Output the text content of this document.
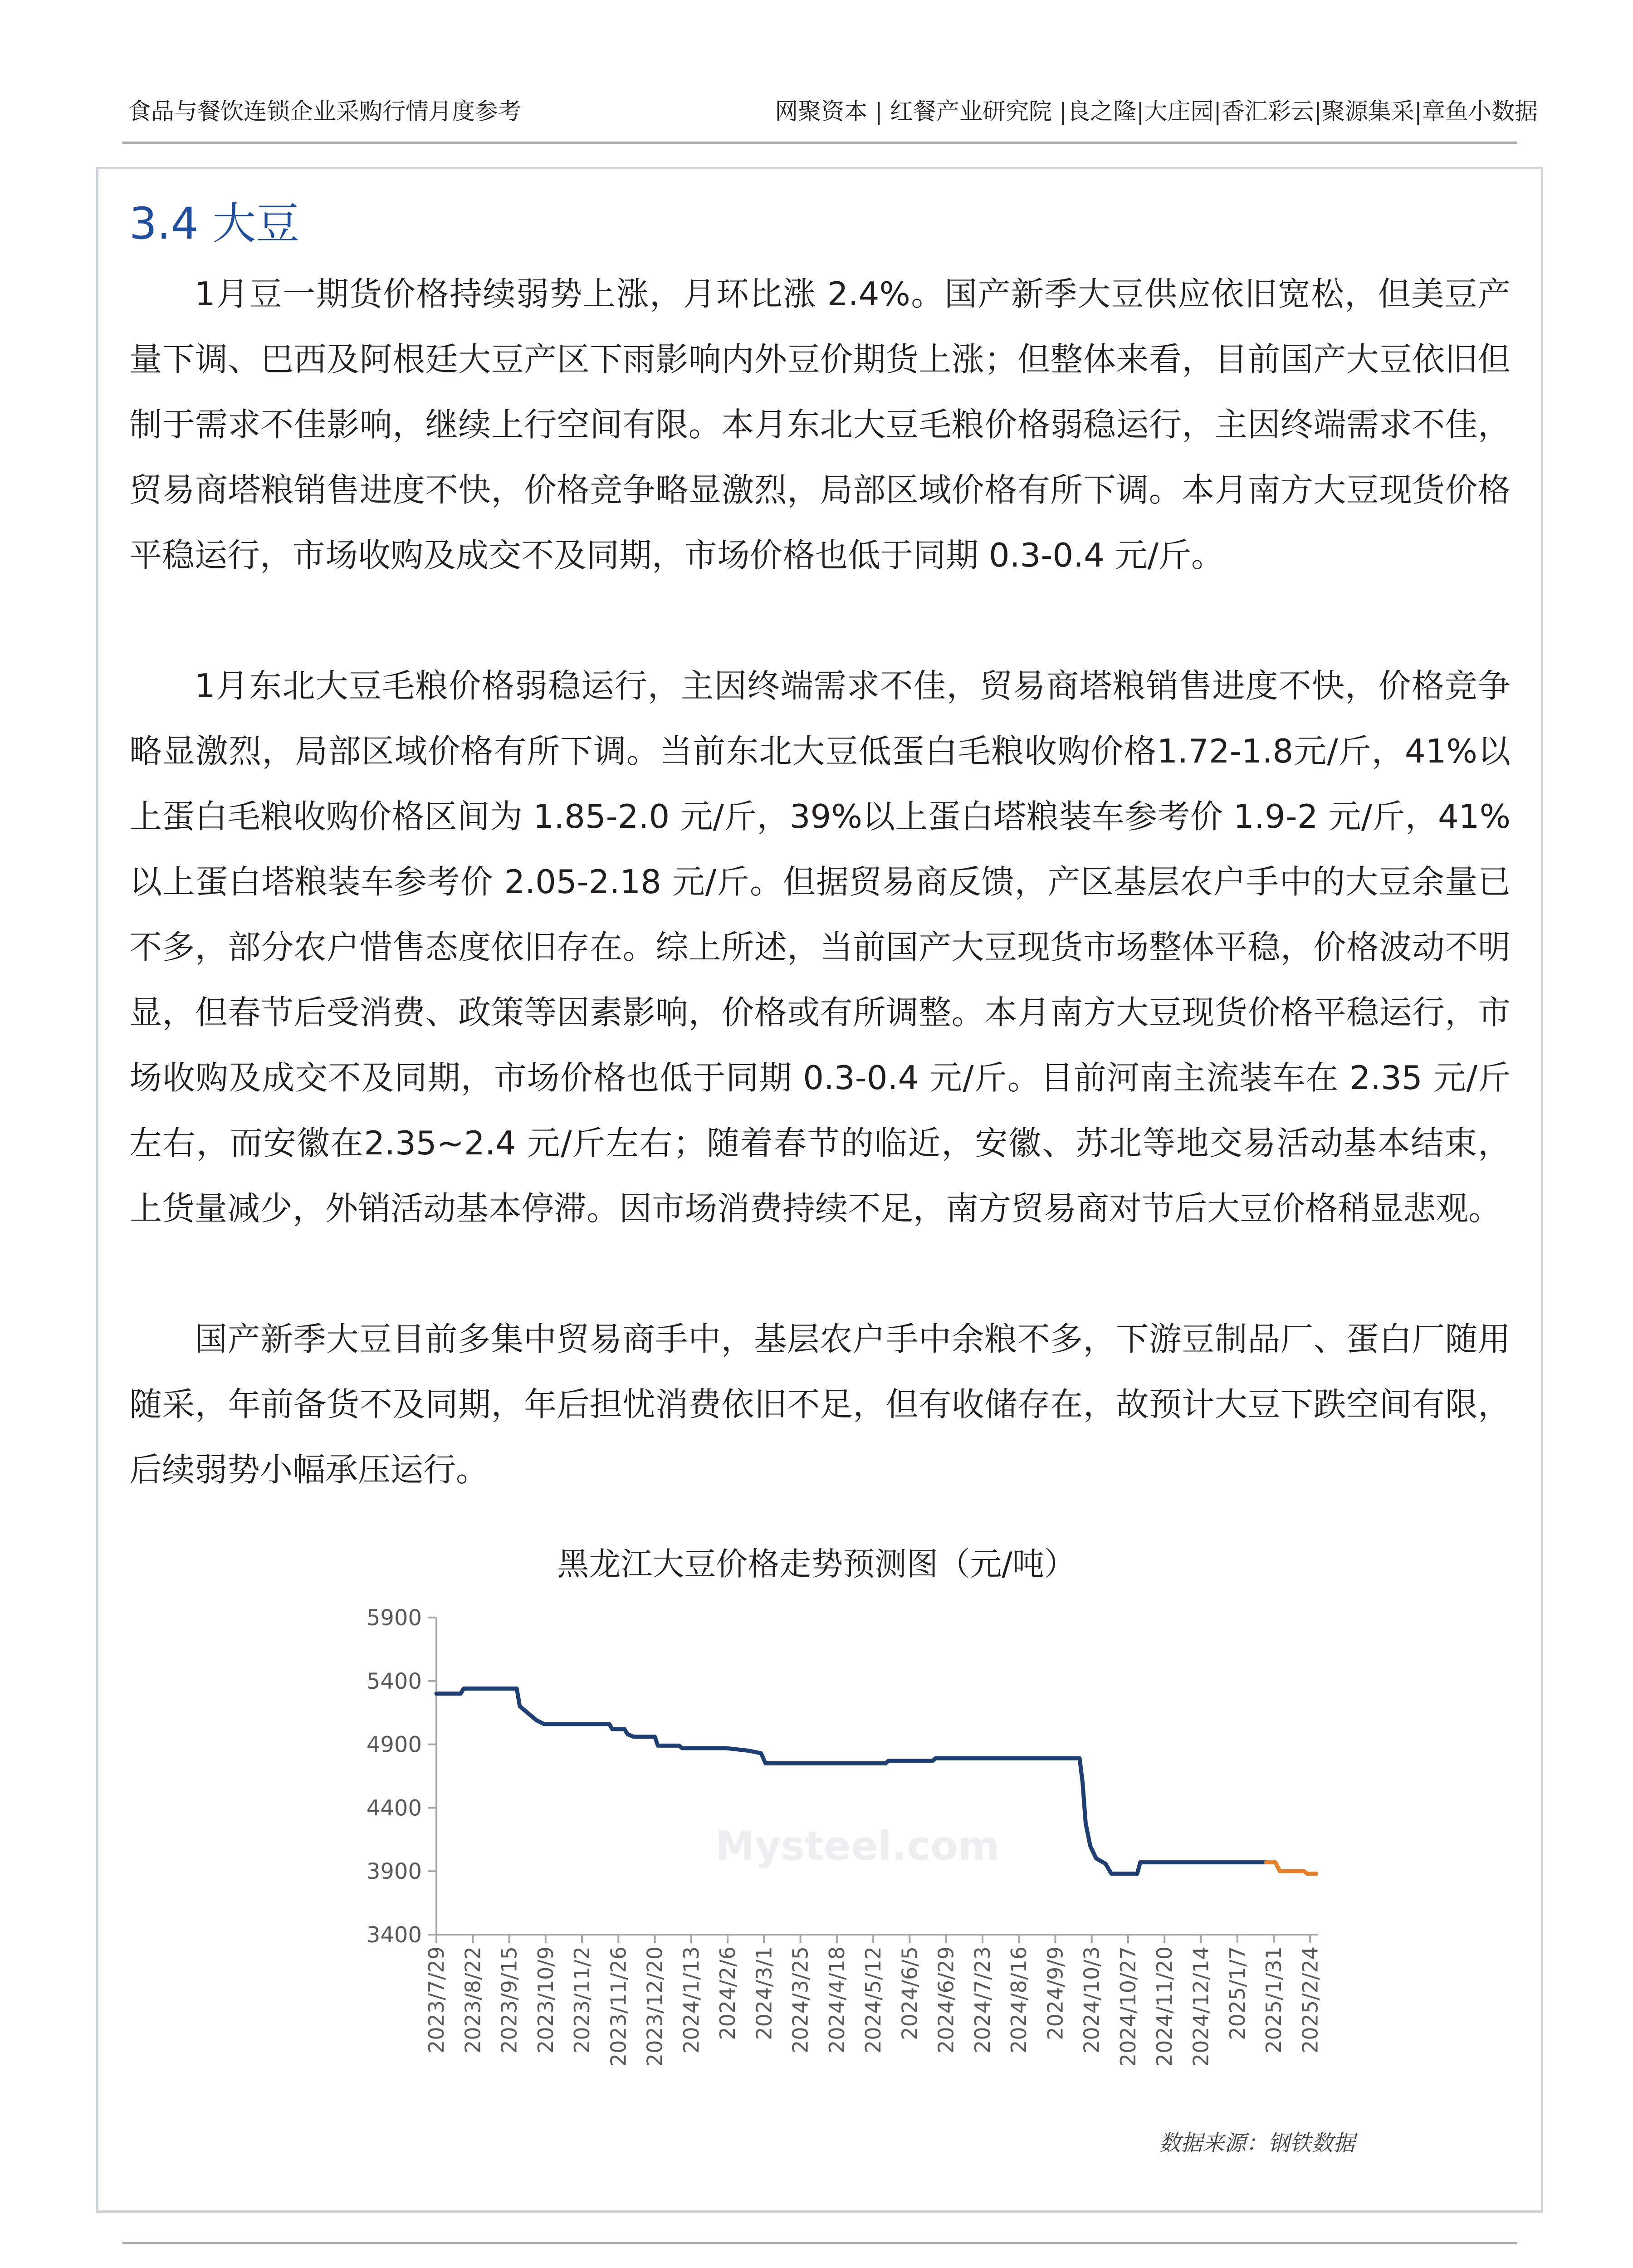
食品与餐饮连锁企业采购行情月度参考	网聚资本 | 红餐产业研究院 |良之隆|大庄园|香汇彩云|聚源集采|章鱼小数据
3.4 大豆

1月豆一期货价格持续弱势上涨，月环比涨 2.4%。国产新季大豆供应依旧宽松，但美豆产量下调、巴西及阿根廷大豆产区下雨影响内外豆价期货上涨；但整体来看，目前国产大豆依旧但制于需求不佳影响，继续上行空间有限。本月东北大豆毛粮价格弱稳运行，主因终端需求不佳，贸易商塔粮销售进度不快，价格竞争略显激烈，局部区域价格有所下调。本月南方大豆现货价格平稳运行，市场收购及成交不及同期，市场价格也低于同期 0.3-0.4 元/斤。

1月东北大豆毛粮价格弱稳运行，主因终端需求不佳，贸易商塔粮销售进度不快，价格竞争略显激烈，局部区域价格有所下调。当前东北大豆低蛋白毛粮收购价格1.72-1.8元/斤，41%以上蛋白毛粮收购价格区间为 1.85-2.0 元/斤，39%以上蛋白塔粮装车参考价 1.9-2 元/斤，41%以上蛋白塔粮装车参考价 2.05-2.18 元/斤。但据贸易商反馈，产区基层农户手中的大豆余量已不多，部分农户惜售态度依旧存在。综上所述，当前国产大豆现货市场整体平稳，价格波动不明显，但春节后受消费、政策等因素影响，价格或有所调整。本月南方大豆现货价格平稳运行，市场收购及成交不及同期，市场价格也低于同期 0.3-0.4 元/斤。目前河南主流装车在 2.35 元/斤左右，而安徽在2.35~2.4 元/斤左右；随着春节的临近，安徽、苏北等地交易活动基本结束，上货量减少，外销活动基本停滞。因市场消费持续不足，南方贸易商对节后大豆价格稍显悲观。

国产新季大豆目前多集中贸易商手中，基层农户手中余粮不多，下游豆制品厂、蛋白厂随用随采，年前备货不及同期，年后担忧消费依旧不足，但有收储存在，故预计大豆下跌空间有限，后续弱势小幅承压运行。

黑龙江大豆价格走势预测图（元/吨）
Mysteel.com
3400
3900
4400
4900
5400
5900
2023/7/29 2023/8/22 2023/9/15 2023/10/9 2023/11/2 2023/11/26 2023/12/20 2024/1/13 2024/2/6 2024/3/1 2024/3/25 2024/4/18 2024/5/12 2024/6/5 2024/6/29 2024/7/23 2024/8/16 2024/9/9 2024/10/3 2024/10/27 2024/11/20 2024/12/14 2025/1/7 2025/1/31 2025/2/24
数据来源：钢铁数据
